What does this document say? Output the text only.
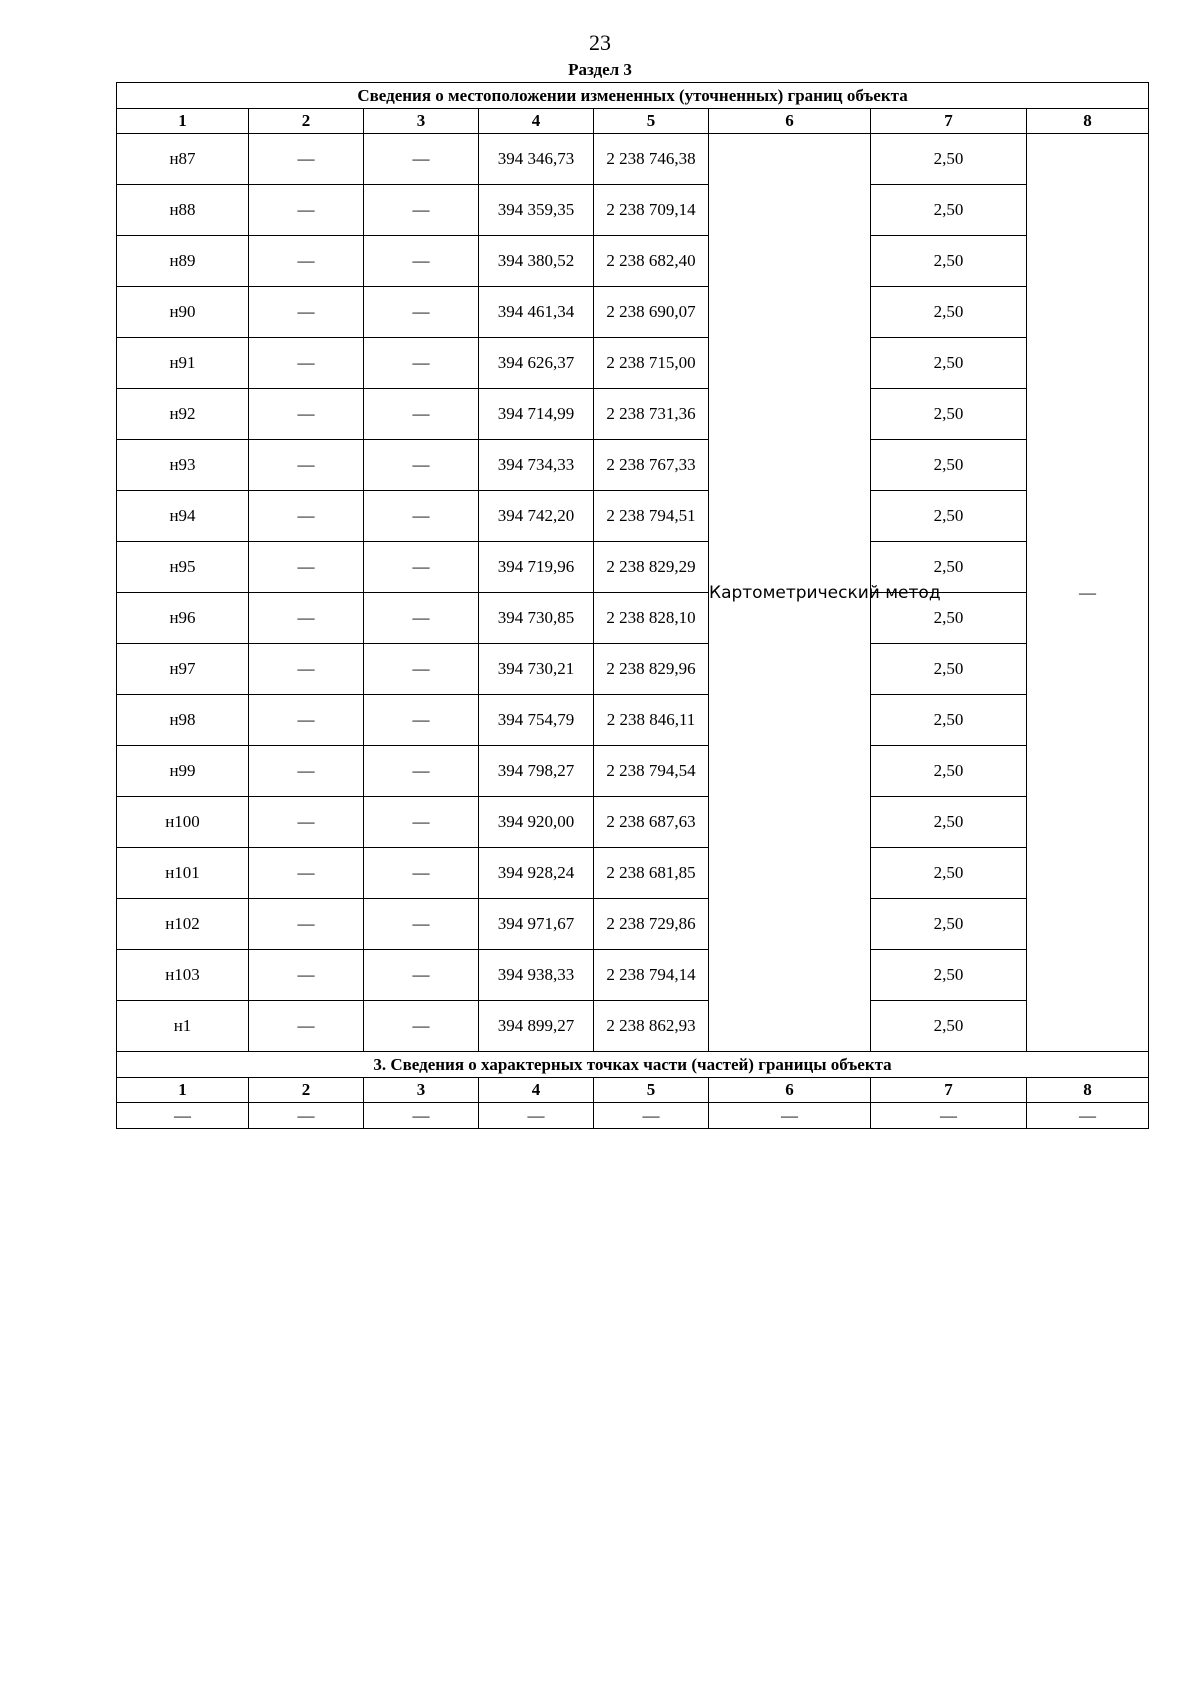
23
Раздел 3
Сведения о местоположении измененных (уточненных) границ объекта							
1	2	3	4	5	6	7	8
н87	—	—	394 346,73	2 238 746,38	Картометрический метод	2,50	—
н88	—	—	394 359,35	2 238 709,14		2,50	
н89	—	—	394 380,52	2 238 682,40		2,50	
н90	—	—	394 461,34	2 238 690,07		2,50	
н91	—	—	394 626,37	2 238 715,00		2,50	
н92	—	—	394 714,99	2 238 731,36		2,50	
н93	—	—	394 734,33	2 238 767,33		2,50	
н94	—	—	394 742,20	2 238 794,51		2,50	
н95	—	—	394 719,96	2 238 829,29		2,50	
н96	—	—	394 730,85	2 238 828,10		2,50	
н97	—	—	394 730,21	2 238 829,96		2,50	
н98	—	—	394 754,79	2 238 846,11		2,50	
н99	—	—	394 798,27	2 238 794,54		2,50	
н100	—	—	394 920,00	2 238 687,63		2,50	
н101	—	—	394 928,24	2 238 681,85		2,50	
н102	—	—	394 971,67	2 238 729,86		2,50	
н103	—	—	394 938,33	2 238 794,14		2,50	
н1	—	—	394 899,27	2 238 862,93		2,50	
3. Сведения о характерных точках части (частей) границы объекта							
1	2	3	4	5	6	7	8
—	—	—	—	—	—	—	—
